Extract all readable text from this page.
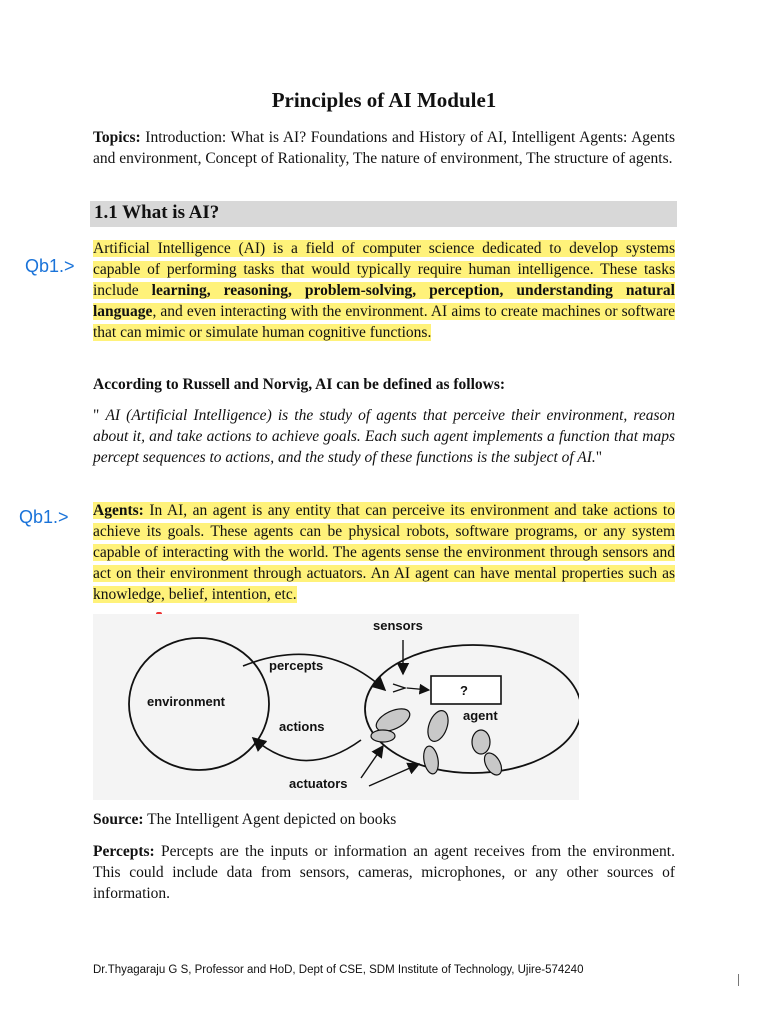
Principles of AI Module1

Topics: Introduction: What is AI? Foundations and History of AI, Intelligent Agents: Agents and environment, Concept of Rationality, The nature of environment, The structure of agents.

1.1 What is AI?
Qb1.>

Artificial Intelligence (AI) is a field of computer science dedicated to develop systems capable of performing tasks that would typically require human intelligence. These tasks include learning, reasoning, problem-solving, perception, understanding natural language, and even interacting with the environment. AI aims to create machines or software that can mimic or simulate human cognitive functions.

According to Russell and Norvig, AI can be defined as follows:

" AI (Artificial Intelligence) is the study of agents that perceive their environment, reason about it, and take actions to achieve goals. Each such agent implements a function that maps percept sequences to actions, and the study of these functions is the subject of AI."

Qb1.> Agents: In AI, an agent is any entity that can perceive its environment and take actions to achieve its goals. These agents can be physical robots, software programs, or any system capable of interacting with the world. The agents sense the environment through sensors and act on their environment through actuators. An AI agent can have mental properties such as knowledge, belief, intention, etc.

sensors
percepts
environment
actions
agent
?
actuators

Source: The Intelligent Agent depicted on books

Percepts: Percepts are the inputs or information an agent receives from the environment. This could include data from sensors, cameras, microphones, or any other sources of information.

Dr.Thyagaraju G S, Professor and HoD, Dept of CSE, SDM Institute of Technology, Ujire-574240
